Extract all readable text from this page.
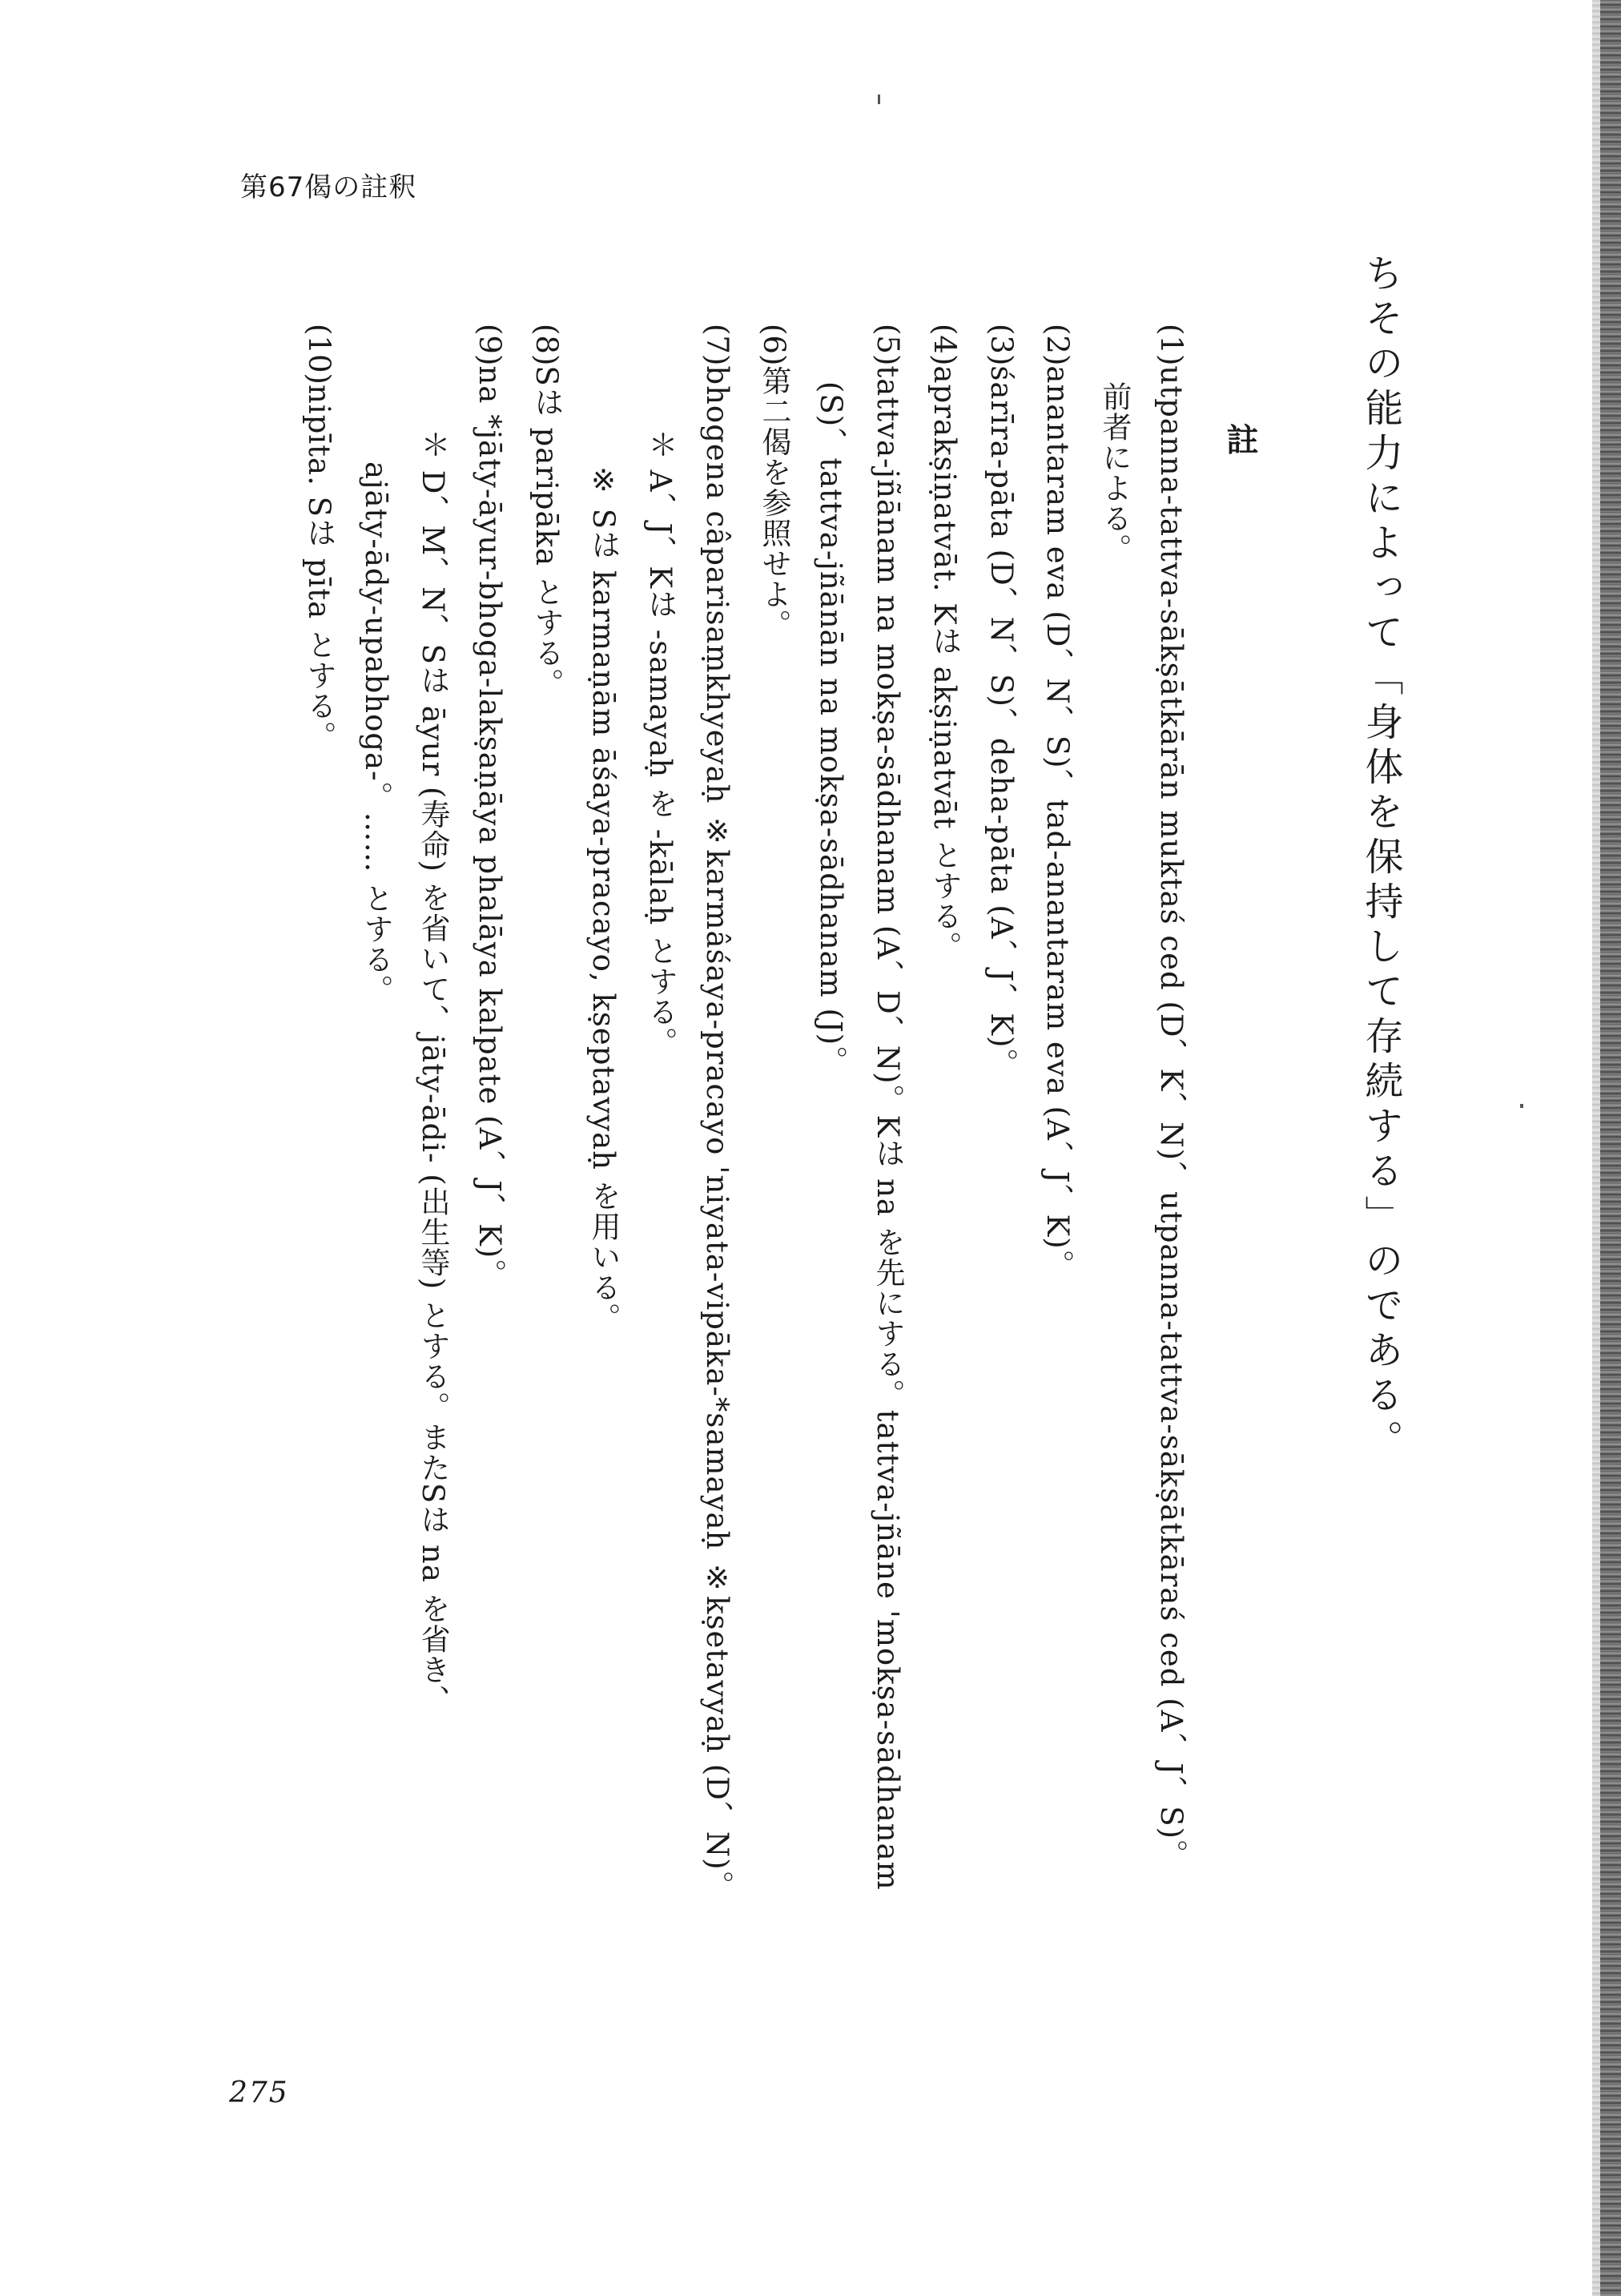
第67偈の註釈
ちその能力によって「身体を保持して存続する」のである。
註
(1)utpanna-tattva-sākṣātkārān muktaś ced (D、K、N)、utpanna-tattva-sākṣātkāraś ced (A、J、S)。
前者による。
(2)anantaram eva (D、N、S)、tad-anantaram eva (A、J、K)。
(3)śarīra-pāta (D、N、S)、deha-pāta (A、J、K)。
(4)aprakṣiṇatvāt. Kは akṣiṇatvāt とする。
(5)tattva-jñānam na mokṣa-sādhanam (A、D、N)。Kは na を先にする。tattva-jñāne 'mokṣa-sādhanam
(S)、tattva-jñānān na mokṣa-sādhanam (J)。
(6)第二偈を参照せよ。
(7)bhogena câparisaṃkhyeyaḥ ※karmâśaya-pracayo 'niyata-vipāka-*samayaḥ ※kṣetavyaḥ (D、N)。
＊ A、J、Kは -samayaḥ を -kālaḥ とする。
※ Sは karmaṇām āśaya-pracayo, kṣeptavyaḥ を用いる。
(8)Sは paripāka とする。
(9)na *jāty-āyur-bhoga-lakṣaṇāya phalāya kalpate (A、J、K)。
＊ D、M、N、Sは āyur (寿命) を省いて、jāty-ādi- (出生等) とする。またSは na を省き、
ajāty-ādy-upabhoga-。…… とする。
(10)nipīta. Sは pīta とする。
275
